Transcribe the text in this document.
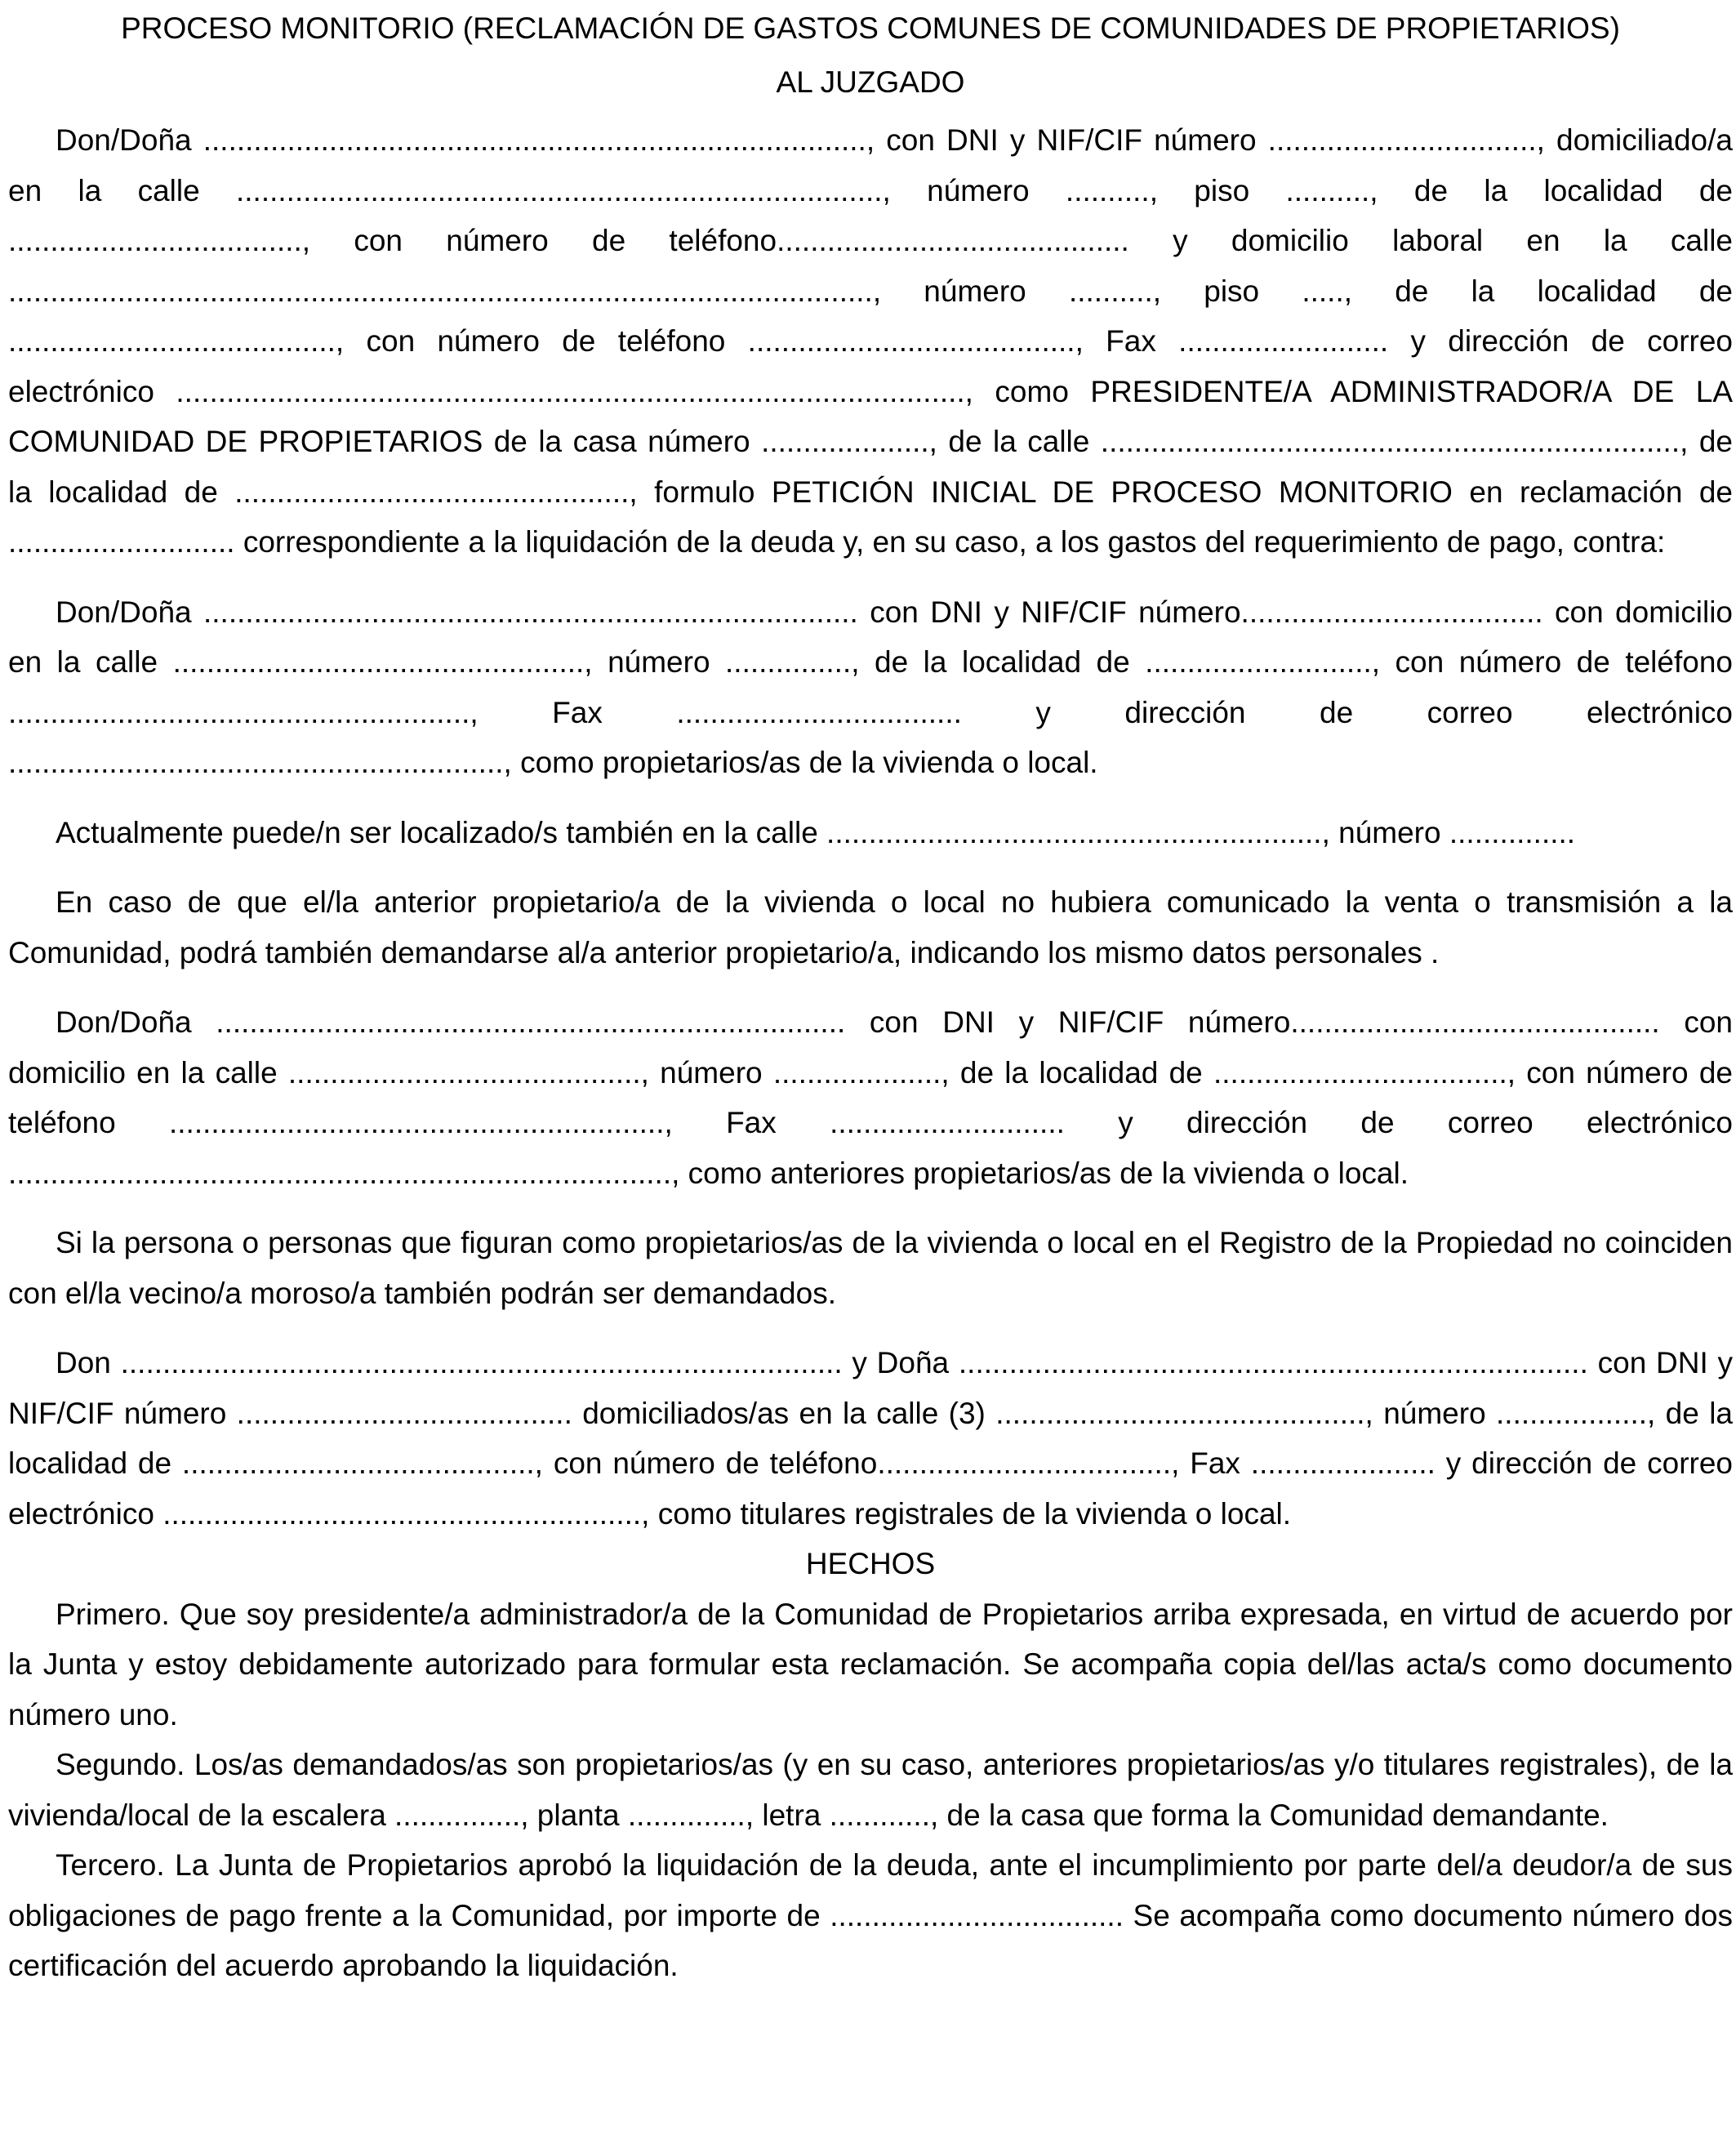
PROCESO MONITORIO (RECLAMACIÓN DE GASTOS COMUNES DE COMUNIDADES DE PROPIETARIOS)

AL JUZGADO

Don/Doña ..............................................................................., con DNI y NIF/CIF número ................................, domiciliado/a en la calle ............................................................................., número .........., piso .........., de la localidad de ..................................., con número de teléfono.......................................... y domicilio laboral en la calle ......................................................................................................., número .........., piso ....., de la localidad de ......................................., con número de teléfono ......................................., Fax ......................... y dirección de correo electrónico .............................................................................................., como PRESIDENTE/A ADMINISTRADOR/A DE LA COMUNIDAD DE PROPIETARIOS de la casa número ...................., de la calle ....................................................................., de la localidad de ..............................................., formulo PETICIÓN INICIAL DE PROCESO MONITORIO en reclamación de ........................... correspondiente a la liquidación de la deuda y, en su caso, a los gastos del requerimiento de pago, contra:

Don/Doña .............................................................................. con DNI y NIF/CIF número.................................... con domicilio en la calle ................................................., número ..............., de la localidad de ..........................., con número de teléfono ......................................................., Fax .................................. y dirección de correo electrónico ..........................................................., como propietarios/as de la vivienda o local.

Actualmente puede/n ser localizado/s también en la calle ..........................................................., número ...............

En caso de que el/la anterior propietario/a de la vivienda o local no hubiera comunicado la venta o transmisión a la Comunidad, podrá también demandarse al/a anterior propietario/a, indicando los mismo datos personales .

Don/Doña ........................................................................... con DNI y NIF/CIF número............................................ con domicilio en la calle .........................................., número ...................., de la localidad de ..................................., con número de teléfono ..........................................................., Fax ............................ y dirección de correo electrónico ..............................................................................., como anteriores propietarios/as de la vivienda o local.

Si la persona o personas que figuran como propietarios/as de la vivienda o local en el Registro de la Propiedad no coinciden con el/la vecino/a moroso/a también podrán ser demandados.

Don ...................................................................................... y Doña ........................................................................... con DNI y NIF/CIF número ........................................ domiciliados/as en la calle (3) ............................................, número .................., de la localidad de .........................................., con número de teléfono..................................., Fax ...................... y dirección de correo electrónico ........................................................., como titulares registrales de la vivienda o local.

HECHOS

Primero. Que soy presidente/a administrador/a de la Comunidad de Propietarios arriba expresada, en virtud de acuerdo por la Junta y estoy debidamente autorizado para formular esta reclamación. Se acompaña copia del/las acta/s como documento número uno.

Segundo. Los/as demandados/as son propietarios/as (y en su caso, anteriores propietarios/as y/o titulares registrales), de la vivienda/local de la escalera ..............., planta .............., letra ............, de la casa que forma la Comunidad demandante.

Tercero. La Junta de Propietarios aprobó la liquidación de la deuda, ante el incumplimiento por parte del/a deudor/a de sus obligaciones de pago frente a la Comunidad, por importe de ................................... Se acompaña como documento número dos certificación del acuerdo aprobando la liquidación.
